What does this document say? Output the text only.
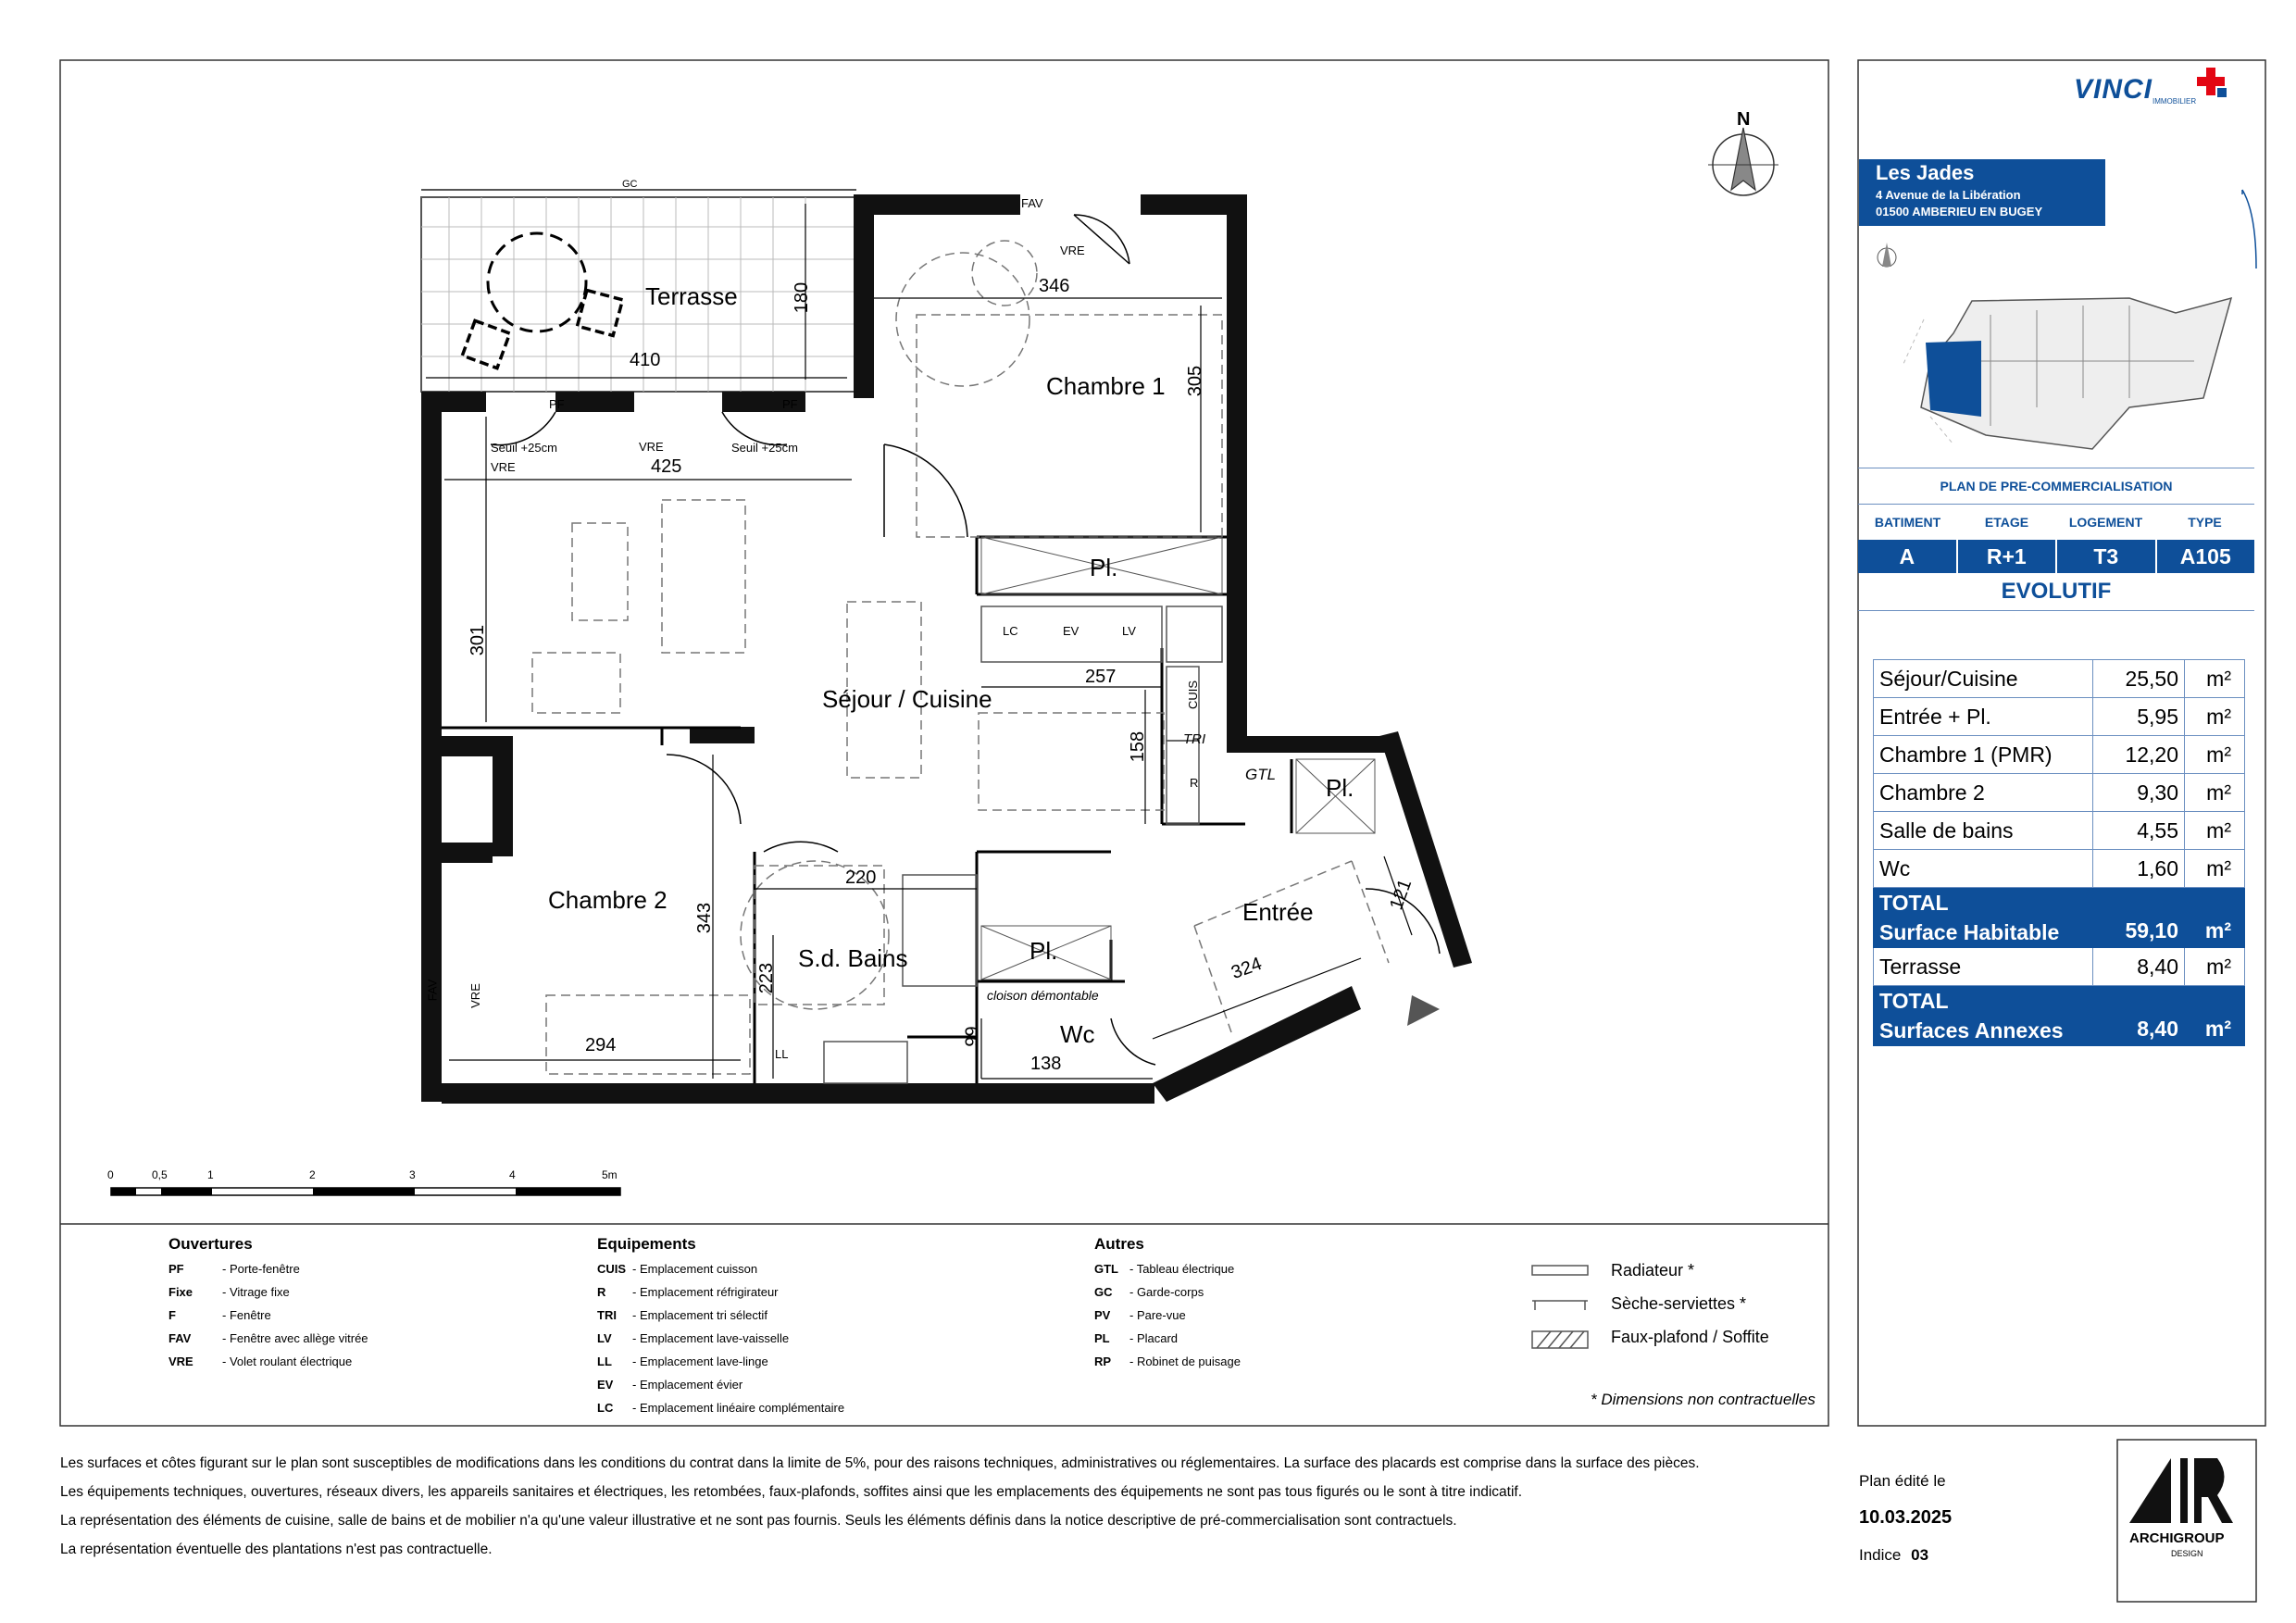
N
Terrasse
Chambre 1
Séjour / Cuisine
Chambre 2
S.d. Bains
Entrée
Wc
Pl.
Pl.
Pl.
410
180	346
305
425
301
257
158
220
343
223
294	99
138
324
121
GC
FAV
VRE
PF	PF
Seuil +25cm	Seuil +25cm
VRE
VRE
LC	EV	LV
CUIS
TRI
R	GTL
LL
FAV VRE	cloison démontable
0	0,5	1	2	3	4	5m
Ouvertures
PF	- Porte-fenêtre
Fixe - Vitrage fixe
F	- Fenêtre
FAV	- Fenêtre avec allège vitrée
VRE - Volet roulant électrique
Equipements
CUIS - Emplacement cuisson
R - Emplacement réfrigirateur
TRI - Emplacement tri sélectif
LV - Emplacement lave-vaisselle
LL - Emplacement lave-linge
EV - Emplacement évier
LC - Emplacement linéaire complémentaire
Autres
GTL - Tableau électrique
GC - Garde-corps
PV - Pare-vue
PL - Placard
RP - Robinet de puisage
Radiateur *
Sèche-serviettes *
Faux-plafond / Soffite
* Dimensions non contractuelles
VINCI IMMOBILIER
Les Jades
4 Avenue de la Libération
01500 AMBERIEU EN BUGEY
PLAN DE PRE-COMMERCIALISATION
BATIMENT	ETAGE	LOGEMENT	TYPE
A	R+1	T3	A105
EVOLUTIF
Séjour/Cuisine	25,50	m²
Entrée + Pl.	5,95	m²
Chambre 1 (PMR)	12,20	m²
Chambre 2	9,30	m²
Salle de bains	4,55	m²
Wc	1,60	m²
TOTAL
Surface Habitable	59,10	m²
Terrasse	8,40	m²
TOTAL
Surfaces Annexes	8,40	m²
Les surfaces et côtes figurant sur le plan sont susceptibles de modifications dans les conditions du contrat dans la limite de 5%, pour des raisons techniques, administratives ou réglementaires. La surface des placards est comprise dans la surface des pièces.
Les équipements techniques, ouvertures, réseaux divers, les appareils sanitaires et électriques, les retombées, faux-plafonds, soffites ainsi que les emplacements des équipements ne sont pas tous figurés ou le sont à titre indicatif.
La représentation des éléments de cuisine, salle de bains et de mobilier n'a qu'une valeur illustrative et ne sont pas fournis. Seuls les éléments définis dans la notice descriptive de pré-commercialisation sont contractuels.
La représentation éventuelle des plantations n'est pas contractuelle.
Plan édité le
10.03.2025
Indice 03
ARCHIGROUP
DESIGN
